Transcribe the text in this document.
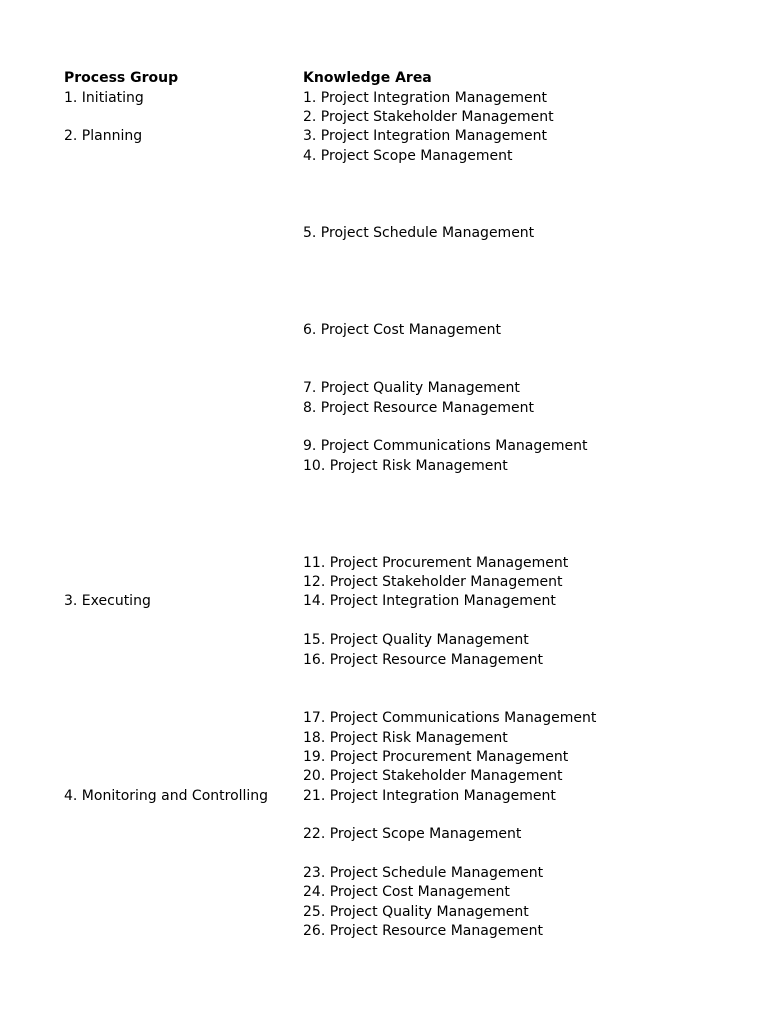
Process Group	Knowledge Area
1. Initiating
2. Planning
3. Executing
4. Monitoring and Controlling
1. Project Integration Management
2. Project Stakeholder Management
3. Project Integration Management
4. Project Scope Management
5. Project Schedule Management
6. Project Cost Management
7. Project Quality Management
8. Project Resource Management
9. Project Communications Management
10. Project Risk Management
11. Project Procurement Management
12. Project Stakeholder Management
14. Project Integration Management
15. Project Quality Management
16. Project Resource Management
17. Project Communications Management
18. Project Risk Management
19. Project Procurement Management
20. Project Stakeholder Management
21. Project Integration Management
22. Project Scope Management
23. Project Schedule Management
24. Project Cost Management
25. Project Quality Management
26. Project Resource Management
